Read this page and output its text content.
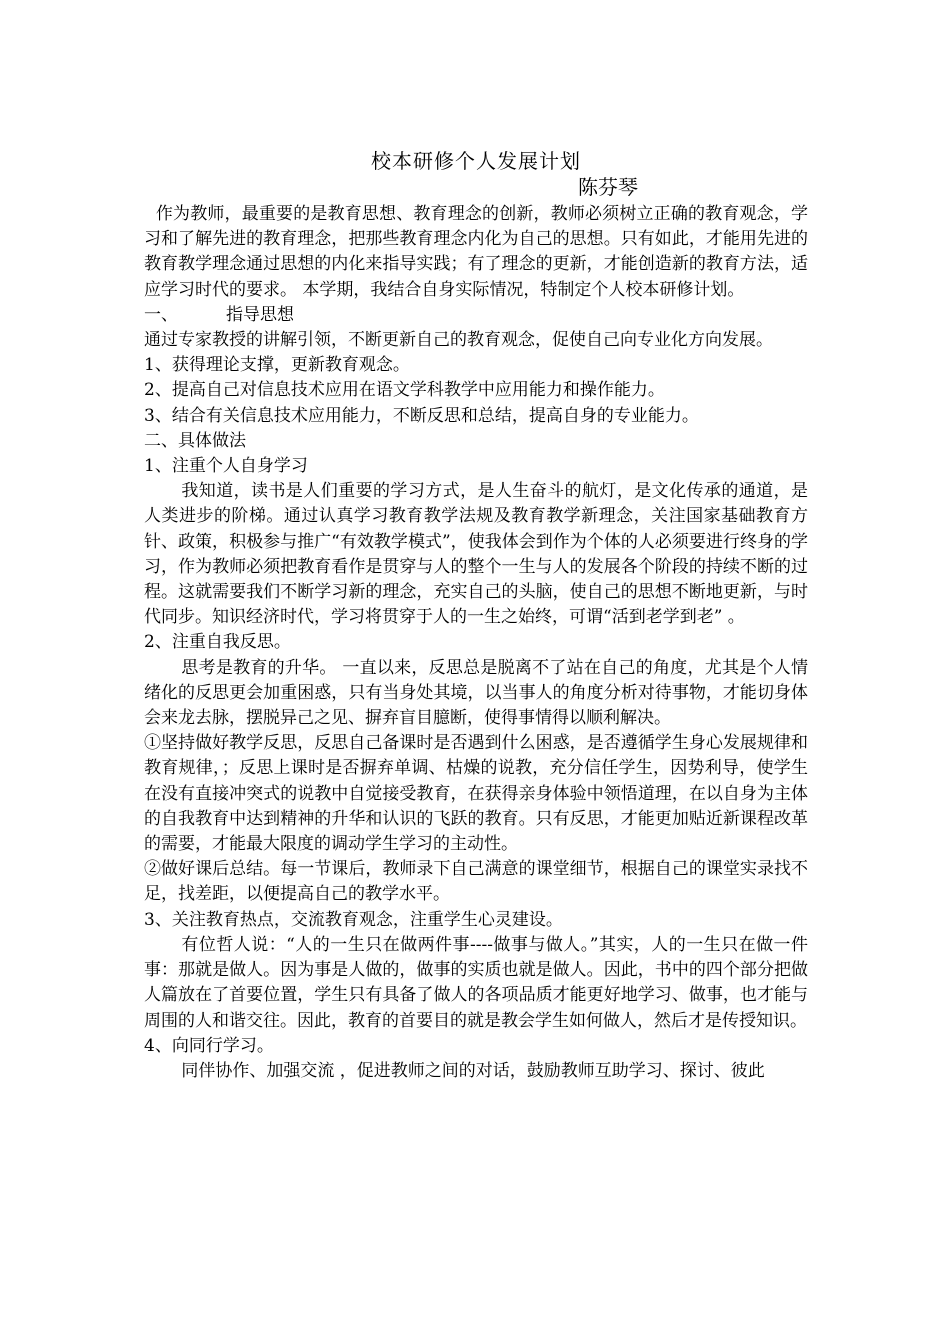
校本研修个人发展计划

陈芬琴

作为教师，最重要的是教育思想、教育理念的创新，教师必须树立正确的教育观念，学习和了解先进的教育理念，把那些教育理念内化为自己的思想。只有如此，才能用先进的教育教学理念通过思想的内化来指导实践；有了理念的更新，才能创造新的教育方法，适应学习时代的要求。 本学期，我结合自身实际情况，特制定个人校本研修计划。

一、	指导思想

通过专家教授的讲解引领，不断更新自己的教育观念，促使自己向专业化方向发展。

1、获得理论支撑，更新教育观念。

2、提高自己对信息技术应用在语文学科教学中应用能力和操作能力。

3、结合有关信息技术应用能力，不断反思和总结，提高自身的专业能力。

二、具体做法

1、注重个人自身学习

我知道，读书是人们重要的学习方式，是人生奋斗的航灯，是文化传承的通道，是人类进步的阶梯。通过认真学习教育教学法规及教育教学新理念，关注国家基础教育方针、政策，积极参与推广“有效教学模式”，使我体会到作为个体的人必须要进行终身的学习，作为教师必须把教育看作是贯穿与人的整个一生与人的发展各个阶段的持续不断的过程。这就需要我们不断学习新的理念，充实自己的头脑，使自己的思想不断地更新，与时代同步。知识经济时代，学习将贯穿于人的一生之始终，可谓“活到老学到老” 。

2、注重自我反思。

思考是教育的升华。 一直以来，反思总是脱离不了站在自己的角度，尤其是个人情绪化的反思更会加重困惑，只有当身处其境，以当事人的角度分析对待事物，才能切身体会来龙去脉，摆脱异己之见、摒弃盲目臆断，使得事情得以顺利解决。

①坚持做好教学反思，反思自己备课时是否遇到什么困惑，是否遵循学生身心发展规律和教育规律，；反思上课时是否摒弃单调、枯燥的说教，充分信任学生，因势利导，使学生在没有直接冲突式的说教中自觉接受教育，在获得亲身体验中领悟道理，在以自身为主体的自我教育中达到精神的升华和认识的飞跃的教育。只有反思，才能更加贴近新课程改革的需要，才能最大限度的调动学生学习的主动性。

②做好课后总结。每一节课后，教师录下自己满意的课堂细节，根据自己的课堂实录找不足，找差距，以便提高自己的教学水平。

3、关注教育热点，交流教育观念，注重学生心灵建设。

有位哲人说：“人的一生只在做两件事----做事与做人。”其实，人的一生只在做一件事：那就是做人。因为事是人做的，做事的实质也就是做人。因此，书中的四个部分把做人篇放在了首要位置，学生只有具备了做人的各项品质才能更好地学习、做事，也才能与周围的人和谐交往。因此，教育的首要目的就是教会学生如何做人，然后才是传授知识。

4、向同行学习。

同伴协作、加强交流 ，促进教师之间的对话，鼓励教师互助学习、探讨、彼此
